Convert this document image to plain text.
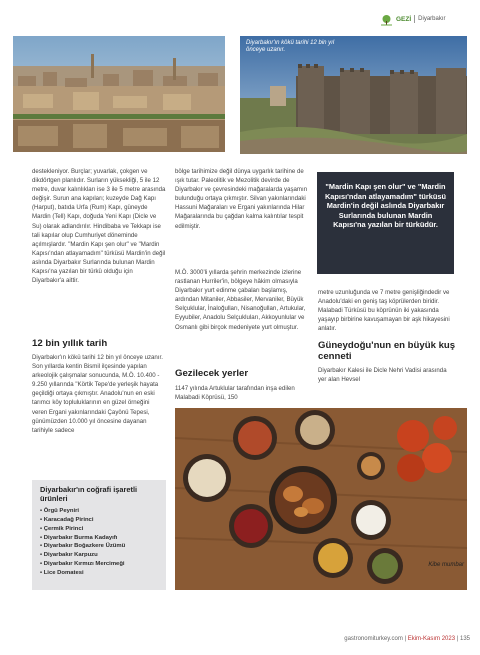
GEZİ Diyarbakır
Diyarbakır'ın kökü tarihi 12 bin yıl önceye uzanır.

destekleniyor. Burçlar; yuvarlak, çokgen ve dikdörtgen planlıdır. Surların yüksekliği, 5 ile 12 metre, duvar kalınlıkları ise 3 ile 5 metre arasında değişir. Surun ana kapıları; kuzeyde Dağ Kapı (Harput), batıda Urfa (Rum) Kapı, güneyde Mardin (Tell) Kapı, doğuda Yeni Kapı (Dicle ve Su) olarak adlandırılır. Hindibaba ve Tekkapı ise tali kapılar olup Cumhuriyet döneminde açılmışlardır. "Mardin Kapı şen olur" ve "Mardin Kapısı'ndan atlayamadım" türküsü Mardin'in değil aslında Diyarbakır Surlarında bulunan Mardin Kapısı'na yazılan bir türkü olduğu için Diyarbakır'a aittir.

12 bin yıllık tarih

Diyarbakır'ın kökü tarihi 12 bin yıl önceye uzanır. Son yıllarda kentin Bismil ilçesinde yapılan arkeolojik çalışmalar sonucunda, M.Ö. 10.400 - 9.250 yıllarında "Körtik Tepe'de yerleşik hayata geçildiği ortaya çıkmıştır. Anadolu'nun en eski tarımcı köy topluluklarının en güzel örneğini veren Ergani yakınlarındaki Çayönü Tepesi, günümüzden 10.000 yıl öncesine dayanan tarihiyle sadece

Diyarbakır'ın coğrafi işaretli ürünleri
• Örgü Peyniri
• Karacadağ Pirinci
• Çermik Pirinci
• Diyarbakır Burma Kadayıfı
• Diyarbakır Boğazkere Üzümü
• Diyarbakır Karpuzu
• Diyarbakır Kırmızı Mercimeği
• Lice Domatesi

bölge tarihimize değil dünya uygarlık tarihine de ışık tutar. Paleolitik ve Mezolitik devirde de Diyarbakır ve çevresindeki mağaralarda yaşamın bulunduğu ortaya çıkmıştır. Silvan yakınlarındaki Hassuni Mağaraları ve Ergani yakınlarında Hilar Mağaralarında bu çağdan kalma kalıntılar tespit edilmiştir.

M.Ö. 3000'li yıllarda şehrin merkezinde izlerine rastlanan Hurriler'in, bölgeye hâkim olmasıyla Diyarbakır yurt edinme çabaları başlamış, ardından Mitaniler, Abbasiler, Mervaniler, Büyük Selçuklular, İnaloğulları, Nisanoğulları, Artukular, Eyyubiler, Anadolu Selçukluları, Akkoyunlular ve Osmanlı gibi birçok medeniyete yurt olmuştur.

Gezilecek yerler

1147 yılında Artuklular tarafından inşa edilen Malabadi Köprüsü, 150

"Mardin Kapı şen olur" ve "Mardin Kapısı'ndan atlayamadım" türküsü Mardin'in değil aslında Diyarbakır Surlarında bulunan Mardin Kapısı'na yazılan bir türküdür.

metre uzunluğunda ve 7 metre genişliğindedir ve Anadolu'daki en geniş taş köprülerden biridir. Malabadi Türküsü bu köprünün iki yakasında yaşayıp birbirine kavuşamayan bir aşk hikayesini anlatır.

Güneydoğu'nun en büyük kuş cenneti

Diyarbakır Kalesi ile Dicle Nehri Vadisi arasında yer alan Hevsel

Kibe mumbar
gastronomiturkey.com | Ekim-Kasım 2023 | 135
